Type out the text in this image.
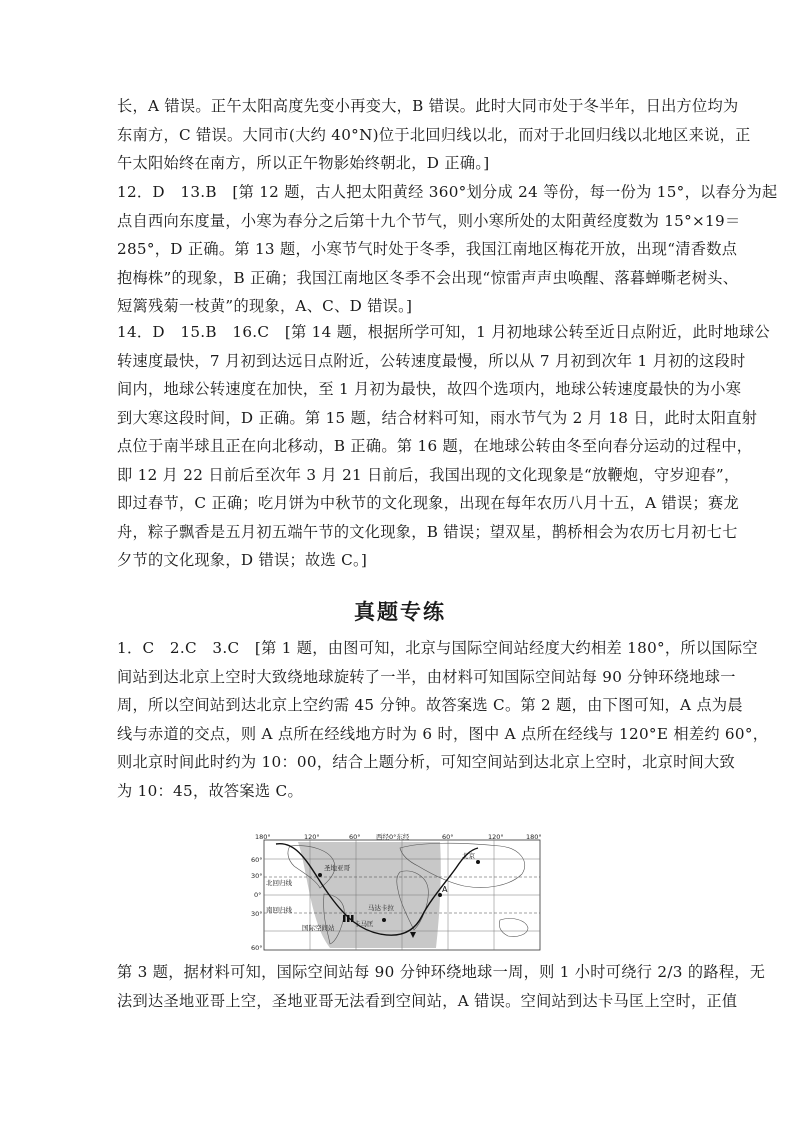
长，A 错误。正午太阳高度先变小再变大，B 错误。此时大同市处于冬半年，日出方位均为
东南方，C 错误。大同市(大约 40°N)位于北回归线以北，而对于北回归线以北地区来说，正
午太阳始终在南方，所以正午物影始终朝北，D 正确。]
12．D　13.B　[第 12 题，古人把太阳黄经 360°划分成 24 等份，每一份为 15°，以春分为起
点自西向东度量，小寒为春分之后第十九个节气，则小寒所处的太阳黄经度数为 15°×19＝
285°，D 正确。第 13 题，小寒节气时处于冬季，我国江南地区梅花开放，出现“清香数点
抱梅株”的现象，B 正确；我国江南地区冬季不会出现“惊雷声声虫唤醒、落暮蝉嘶老树头、
短篱残菊一枝黄”的现象，A、C、D 错误。]
14．D　15.B　16.C　[第 14 题，根据所学可知，1 月初地球公转至近日点附近，此时地球公
转速度最快，7 月初到达远日点附近，公转速度最慢，所以从 7 月初到次年 1 月初的这段时
间内，地球公转速度在加快，至 1 月初为最快，故四个选项内，地球公转速度最快的为小寒
到大寒这段时间，D 正确。第 15 题，结合材料可知，雨水节气为 2 月 18 日，此时太阳直射
点位于南半球且正在向北移动，B 正确。第 16 题，在地球公转由冬至向春分运动的过程中，
即 12 月 22 日前后至次年 3 月 21 日前后，我国出现的文化现象是“放鞭炮，守岁迎春”，
即过春节，C 正确；吃月饼为中秋节的文化现象，出现在每年农历八月十五，A 错误；赛龙
舟，粽子飘香是五月初五端午节的文化现象，B 错误；望双星，鹊桥相会为农历七月初七七
夕节的文化现象，D 错误；故选 C。]
真题专练
1．C　2.C　3.C　[第 1 题，由图可知，北京与国际空间站经度大约相差 180°，所以国际空
间站到达北京上空时大致绕地球旋转了一半，由材料可知国际空间站每 90 分钟环绕地球一
周，所以空间站到达北京上空约需 45 分钟。故答案选 C。第 2 题，由下图可知，A 点为晨
线与赤道的交点，则 A 点所在经线地方时为 6 时，图中 A 点所在经线与 120°E 相差约 60°，
则北京时间此时约为 10：00，结合上题分析，可知空间站到达北京上空时，北京时间大致
为 10：45，故答案选 C。
180°	120°	60° 西经0°东经	60°	120°	180°
60°
30°
0°
30°
60°
圣地亚哥
北回归线
南回归线
国际空间站	卡马匡
马达卡拉
北京
A
第 3 题，据材料可知，国际空间站每 90 分钟环绕地球一周，则 1 小时可绕行 2/3 的路程，无
法到达圣地亚哥上空，圣地亚哥无法看到空间站，A 错误。空间站到达卡马匡上空时，正值
